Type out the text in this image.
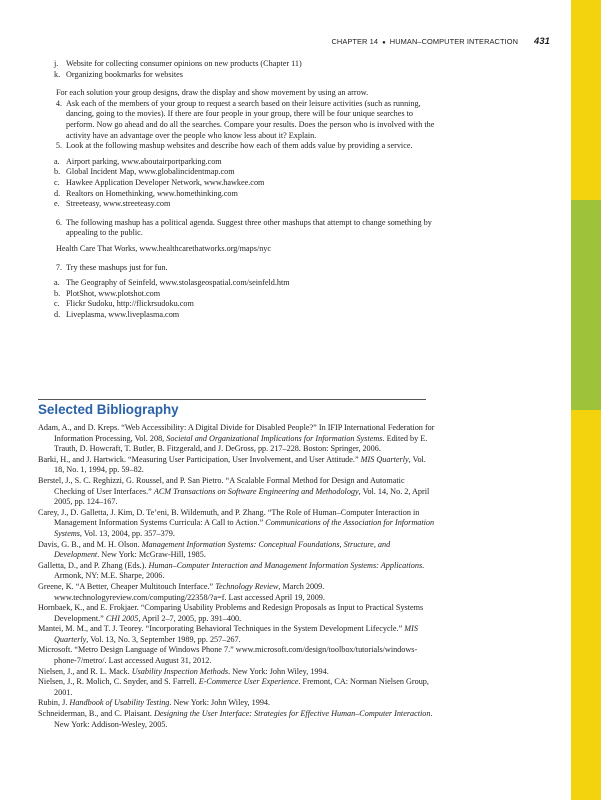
CHAPTER 14 ● HUMAN–COMPUTER INTERACTION 431
j. Website for collecting consumer opinions on new products (Chapter 11)
k. Organizing bookmarks for websites
For each solution your group designs, draw the display and show movement by using an arrow.
4. Ask each of the members of your group to request a search based on their leisure activities (such as running, dancing, going to the movies). If there are four people in your group, there will be four unique searches to perform. Now go ahead and do all the searches. Compare your results. Does the person who is involved with the activity have an advantage over the people who know less about it? Explain.
5. Look at the following mashup websites and describe how each of them adds value by providing a service.
a. Airport parking, www.aboutairportparking.com
b. Global Incident Map, www.globalincidentmap.com
c. Hawkee Application Developer Network, www.hawkee.com
d. Realtors on Homethinking, www.homethinking.com
e. Streeteasy, www.streeteasy.com
6. The following mashup has a political agenda. Suggest three other mashups that attempt to change something by appealing to the public.
Health Care That Works, www.healthcarethatworks.org/maps/nyc
7. Try these mashups just for fun.
a. The Geography of Seinfeld, www.stolasgeospatial.com/seinfeld.htm
b. PlotShot, www.plotshot.com
c. Flickr Sudoku, http://flickrsudoku.com
d. Liveplasma, www.liveplasma.com
Selected Bibliography
Adam, A., and D. Kreps. “Web Accessibility: A Digital Divide for Disabled People?” In IFIP International Federation for Information Processing, Vol. 208, Societal and Organizational Implications for Information Systems. Edited by E. Trauth, D. Howcraft, T. Butler, B. Fitzgerald, and J. DeGross, pp. 217–228. Boston: Springer, 2006.
Barki, H., and J. Hartwick. “Measuring User Participation, User Involvement, and User Attitude.” MIS Quarterly, Vol. 18, No. 1, 1994, pp. 59–82.
Berstel, J., S. C. Reghizzi, G. Roussel, and P. San Pietro. “A Scalable Formal Method for Design and Automatic Checking of User Interfaces.” ACM Transactions on Software Engineering and Methodology, Vol. 14, No. 2, April 2005, pp. 124–167.
Carey, J., D. Galletta, J. Kim, D. Te’eni, B. Wildemuth, and P. Zhang. “The Role of Human–Computer Interaction in Management Information Systems Curricula: A Call to Action.” Communications of the Association for Information Systems, Vol. 13, 2004, pp. 357–379.
Davis, G. B., and M. H. Olson. Management Information Systems: Conceptual Foundations, Structure, and Development. New York: McGraw-Hill, 1985.
Galletta, D., and P. Zhang (Eds.). Human–Computer Interaction and Management Information Systems: Applications. Armonk, NY: M.E. Sharpe, 2006.
Greene, K. “A Better, Cheaper Multitouch Interface.” Technology Review, March 2009. www.technologyreview.com/computing/22358/?a=f. Last accessed April 19, 2009.
Hornbaek, K., and E. Frokjaer. “Comparing Usability Problems and Redesign Proposals as Input to Practical Systems Development.” CHI 2005, April 2–7, 2005, pp. 391–400.
Mantei, M. M., and T. J. Teorey. “Incorporating Behavioral Techniques in the System Development Lifecycle.” MIS Quarterly, Vol. 13, No. 3, September 1989, pp. 257–267.
Microsoft. “Metro Design Language of Windows Phone 7.” www.microsoft.com/design/toolbox/tutorials/windows-phone-7/metro/. Last accessed August 31, 2012.
Nielsen, J., and R. L. Mack. Usability Inspection Methods. New York: John Wiley, 1994.
Nielsen, J., R. Molich, C. Snyder, and S. Farrell. E-Commerce User Experience. Fremont, CA: Norman Nielsen Group, 2001.
Rubin, J. Handbook of Usability Testing. New York: John Wiley, 1994.
Schneiderman, B., and C. Plaisant. Designing the User Interface: Strategies for Effective Human–Computer Interaction. New York: Addison-Wesley, 2005.
